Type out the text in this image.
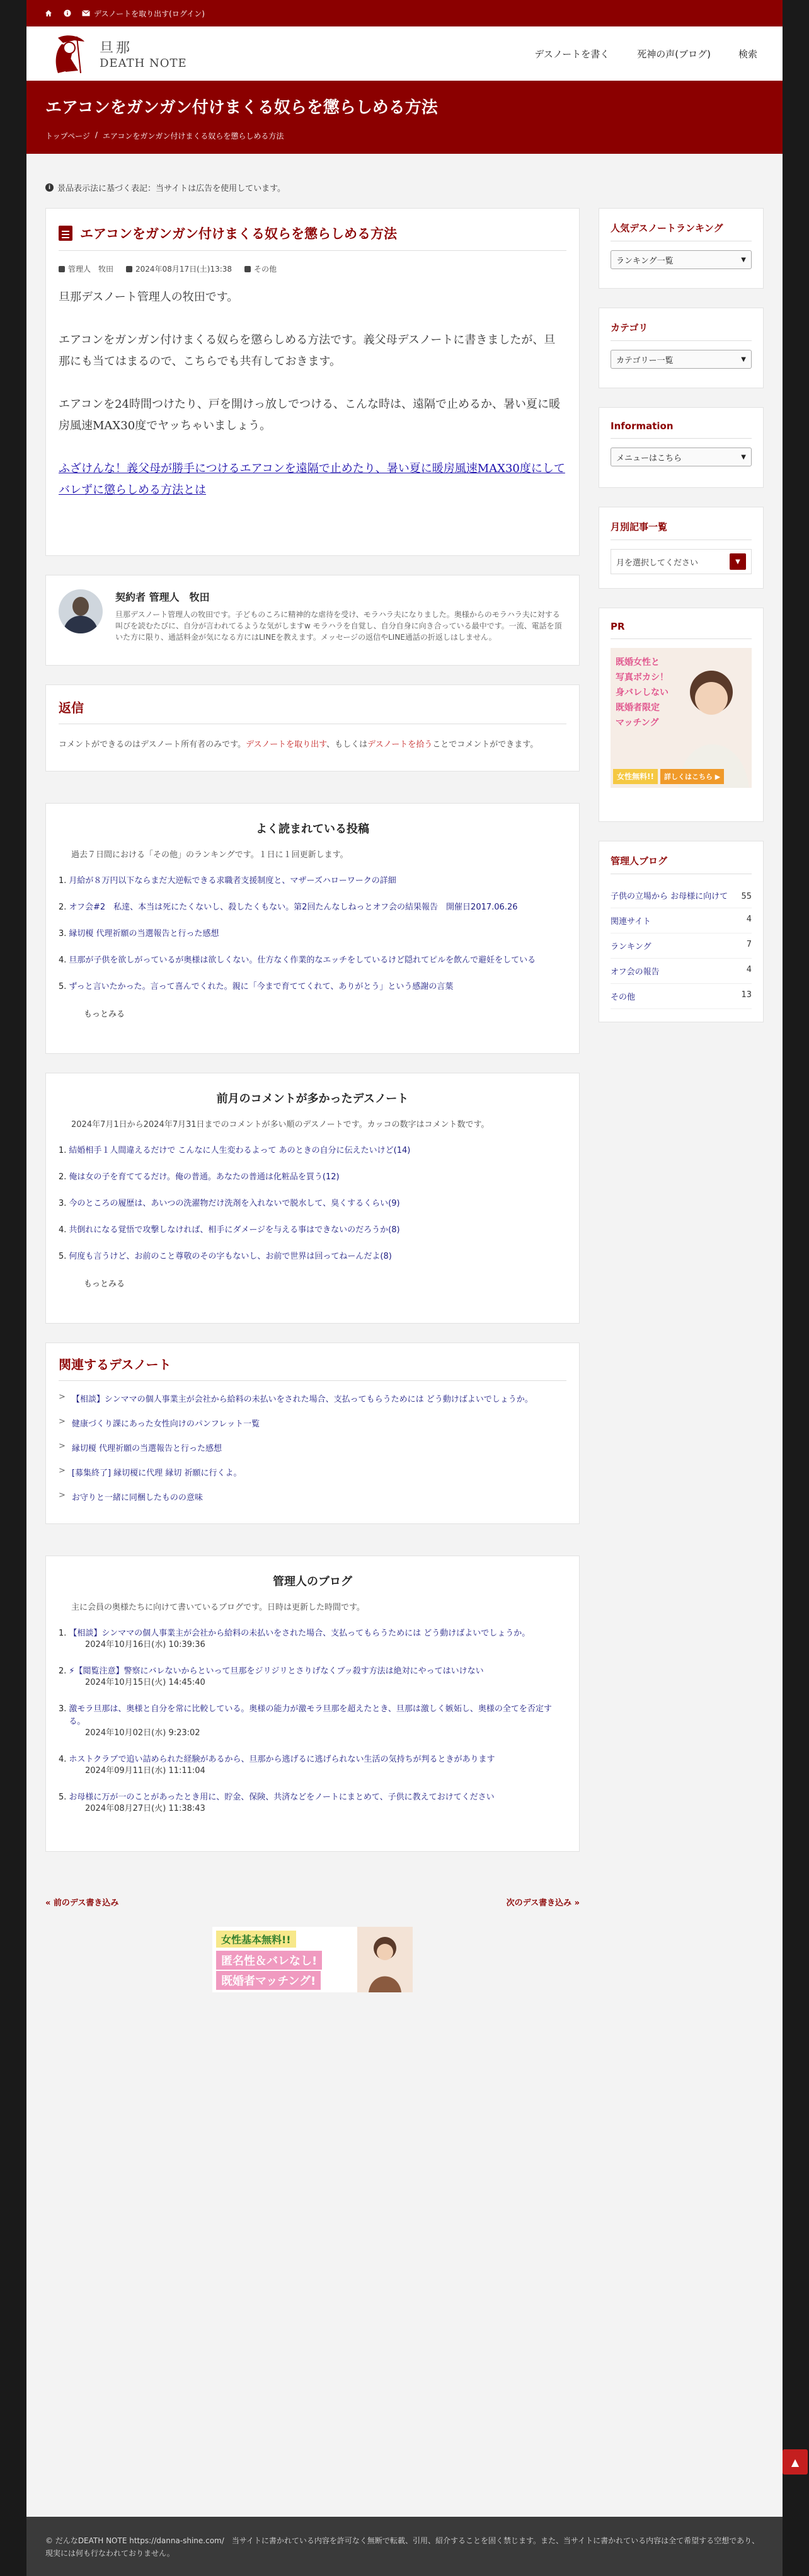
デスノートを取り出す(ログイン)
旦那
DEATH NOTE
デスノートを書く	死神の声(ブログ)	検索
エアコンをガンガン付けまくる奴らを懲らしめる方法
トップページ / エアコンをガンガン付けまくる奴らを懲らしめる方法
i 景品表示法に基づく表記：当サイトは広告を使用しています。
エアコンをガンガン付けまくる奴らを懲らしめる方法
管理人　牧田	2024年08月17日(土)13:38	その他

旦那デスノート管理人の牧田です。

エアコンをガンガン付けまくる奴らを懲らしめる方法です。義父母デスノートに書きましたが、旦那にも当てはまるので、こちらでも共有しておきます。

エアコンを24時間つけたり、戸を開けっ放しでつける、こんな時は、遠隔で止めるか、暑い夏に暖房風速MAX30度でヤッちゃいましょう。

ふざけんな！義父母が勝手につけるエアコンを遠隔で止めたり、暑い夏に暖房風速MAX30度にしてバレずに懲らしめる方法とは

契約者 管理人　牧田

旦那デスノート管理人の牧田です。子どものころに精神的な虐待を受け、モラハラ夫になりました。奥様からのモラハラ夫に対する叫びを読むたびに、自分が言われてるような気がしますw モラハラを自覚し、自分自身に向き合っている最中です。一流、電話を頂いた方に限り、通話料金が気になる方にはLINEを教えます。メッセージの返信やLINE通話の折返しはしません。

返信

コメントができるのはデスノート所有者のみです。デスノートを取り出す、もしくはデスノートを拾うことでコメントができます。

よく読まれている投稿
過去７日間における「その他」のランキングです。１日に１回更新します。
1. 月給が８万円以下ならまだ大逆転できる求職者支援制度と、マザーズハローワークの詳細
2. オフ会#2　私達、本当は死にたくないし、殺したくもない。第2回たんなしねっとオフ会の結果報告　開催日2017.06.26
3. 縁切榎 代理祈願の当選報告と行った感想
4. 旦那が子供を欲しがっているが奥様は欲しくない。仕方なく作業的なエッチをしているけど隠れてピルを飲んで避妊をしている
5. ずっと言いたかった。言って喜んでくれた。親に「今まで育ててくれて、ありがとう」という感謝の言葉
もっとみる
前月のコメントが多かったデスノート
2024年7月1日から2024年7月31日までのコメントが多い順のデスノートです。カッコの数字はコメント数です。
1. 結婚相手１人間違えるだけで こんなに人生変わるよって あのときの自分に伝えたいけど(14)
2. 俺は女の子を育ててるだけ。俺の普通。あなたの普通は化粧品を買う(12)
3. 今のところの履歴は、あいつの洗濯物だけ洗剤を入れないで脱水して、臭くするくらい(9)
4. 共倒れになる覚悟で攻撃しなければ、相手にダメージを与える事はできないのだろうか(8)
5. 何度も言うけど、お前のこと尊敬のその字もないし、お前で世界は回ってねーんだよ(8)
もっとみる
関連するデスノート
> 【相談】シンママの個人事業主が会社から給料の未払いをされた場合、支払ってもらうためには どう動けばよいでしょうか。
> 健康づくり課にあった女性向けのパンフレット一覧
> 縁切榎 代理祈願の当選報告と行った感想
> [募集終了] 縁切榎に代理 縁切 祈願に行くよ。
> お守りと一緒に同梱したものの意味
管理人のブログ
主に会員の奥様たちに向けて書いているブログです。日時は更新した時間です。
1. 【相談】シンママの個人事業主が会社から給料の未払いをされた場合、支払ってもらうためには どう動けばよいでしょうか。
2024年10月16日(水) 10:39:36
2. ⚡【閲覧注意】警察にバレないからといって旦那をジリジリとさりげなくブッ殺す方法は絶対にやってはいけない
2024年10月15日(火) 14:45:40
3. 激モラ旦那は、奥様と自分を常に比較している。奥様の能力が激モラ旦那を超えたとき、旦那は激しく嫉妬し、奥様の全てを否定する。
2024年10月02日(水) 9:23:02
4. ホストクラブで追い詰められた経験があるから、旦那から逃げるに逃げられない生活の気持ちが判るときがあります
2024年09月11日(水) 11:11:04
5. お母様に万が一のことがあったとき用に、貯金、保険、共済などをノートにまとめて、子供に教えておけてください
2024年08月27日(火) 11:38:43
« 前のデス書き込み	次のデス書き込み »
女性基本無料!!
匿名性＆バレなし!
既婚者マッチング!
人気デスノートランキング
ランキング一覧	▼
カテゴリ
カテゴリー一覧	▼
Information
メニューはこちら	▼
月別記事一覧
月を選択してください	▼
PR
既婚女性と
写真ボカシ！
身バレしない
既婚者限定
マッチング
女性無料!!	詳しくはこちら ▶
管理人ブログ
子供の立場から お母様に向けて	55
関連サイト	4
ランキング	7
オフ会の報告	4
その他	13
© だんなDEATH NOTE https://danna-shine.com/　当サイトに書かれている内容を許可なく無断で転載、引用、紹介することを固く禁じます。また、当サイトに書かれている内容は全て希望する空想であり、現実には何も行なわれておりません。
▲
